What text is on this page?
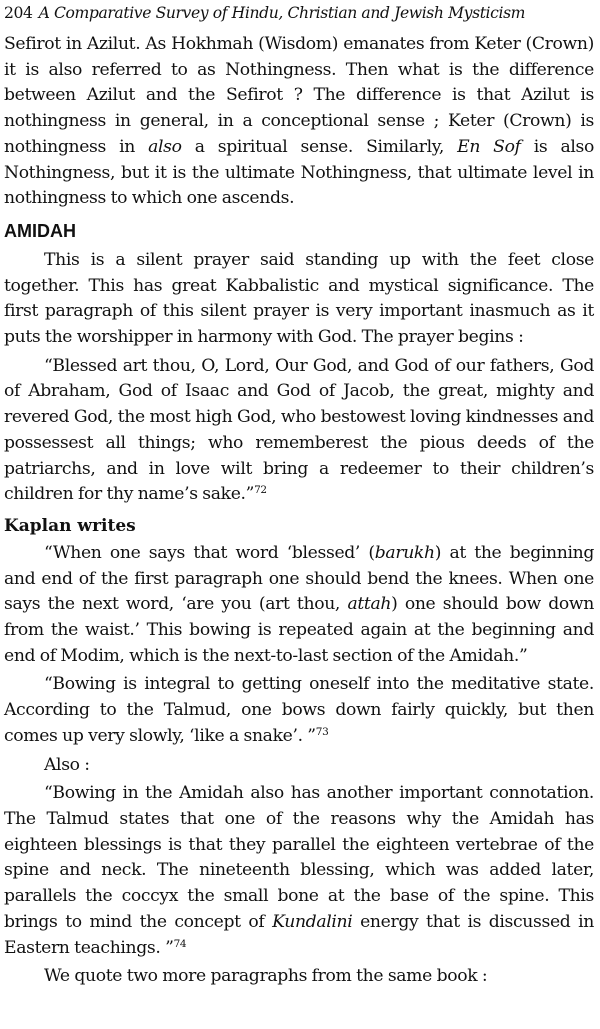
204 A Comparative Survey of Hindu, Christian and Jewish Mysticism

Sefirot in Azilut. As Hokhmah (Wisdom) emanates from Keter (Crown) it is also referred to as Nothingness. Then what is the difference between Azilut and the Sefirot ? The difference is that Azilut is nothingness in general, in a conceptional sense ; Keter (Crown) is nothingness in also a spiritual sense. Similarly, En Sof is also Nothingness, but it is the ultimate Nothingness, that ultimate level in nothingness to which one ascends.

AMIDAH

This is a silent prayer said standing up with the feet close together. This has great Kabbalistic and mystical significance. The first paragraph of this silent prayer is very important inasmuch as it puts the worshipper in harmony with God. The prayer begins :

“Blessed art thou, O, Lord, Our God, and God of our fathers, God of Abraham, God of Isaac and God of Jacob, the great, mighty and revered God, the most high God, who bestowest loving kindnesses and possessest all things; who rememberest the pious deeds of the patriarchs, and in love wilt bring a redeemer to their children’s children for thy name’s sake.”$^{72}$

Kaplan writes

“When one says that word ‘blessed’ (barukh) at the beginning and end of the first paragraph one should bend the knees. When one says the next word, ‘are you (art thou, attah) one should bow down from the waist.’ This bowing is repeated again at the beginning and end of Modim, which is the next-to-last section of the Amidah.”

“Bowing is integral to getting oneself into the meditative state. According to the Talmud, one bows down fairly quickly, but then comes up very slowly, ‘like a snake’. ”$^{73}$

Also :

“Bowing in the Amidah also has another important connotation. The Talmud states that one of the reasons why the Amidah has eighteen blessings is that they parallel the eighteen vertebrae of the spine and neck. The nineteenth blessing, which was added later, parallels the coccyx the small bone at the base of the spine. This brings to mind the concept of Kundalini energy that is discussed in Eastern teachings. ”$^{74}$

We quote two more paragraphs from the same book :
